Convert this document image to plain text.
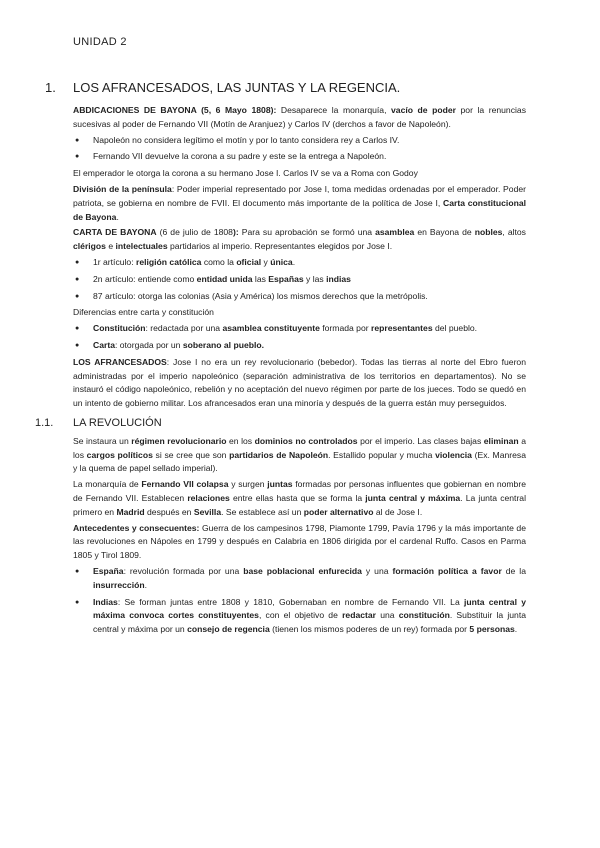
UNIDAD 2
1. LOS AFRANCESADOS, LAS JUNTAS Y LA REGENCIA.

ABDICACIONES DE BAYONA (5, 6 Mayo 1808): Desaparece la monarquía, vacío de poder por la renuncias sucesivas al poder de Fernando VII (Motín de Aranjuez) y Carlos IV (derchos a favor de Napoleón).

● Napoleón no considera legítimo el motín y por lo tanto considera rey a Carlos IV.
● Fernando VII devuelve la corona a su padre y este se la entrega a Napoleón.

El emperador le otorga la corona a su hermano Jose I. Carlos IV se va a Roma con Godoy

División de la península: Poder imperial representado por Jose I, toma medidas ordenadas por el emperador. Poder patriota, se gobierna en nombre de FVII. El documento más importante de la política de Jose I, Carta constitucional de Bayona.

CARTA DE BAYONA (6 de julio de 1808): Para su aprobación se formó una asamblea en Bayona de nobles, altos clérigos e intelectuales partidarios al imperio. Representantes elegidos por Jose I.

● 1r artículo: religión católica como la oficial y única.
● 2n artículo: entiende como entidad unida las Españas y las indias
● 87 artículo: otorga las colonias (Asia y América) los mismos derechos que la metrópolis.

Diferencias entre carta y constitución

● Constitución: redactada por una asamblea constituyente formada por representantes del pueblo.
● Carta: otorgada por un soberano al pueblo.

LOS AFRANCESADOS: Jose I no era un rey revolucionario (bebedor). Todas las tierras al norte del Ebro fueron administradas por el imperio napoleónico (separación administrativa de los territorios en departamentos). No se instauró el código napoleónico, rebelión y no aceptación del nuevo régimen por parte de los jueces. Todo se quedó en un intento de gobierno militar. Los afrancesados eran una minoría y después de la guerra están muy perseguidos.

1.1. LA REVOLUCIÓN

Se instaura un régimen revolucionario en los dominios no controlados por el imperio. Las clases bajas eliminan a los cargos políticos si se cree que son partidarios de Napoleón. Estallido popular y mucha violencia (Ex. Manresa y la quema de papel sellado imperial).

La monarquía de Fernando VII colapsa y surgen juntas formadas por personas influentes que gobiernan en nombre de Fernando VII. Establecen relaciones entre ellas hasta que se forma la junta central y máxima. La junta central primero en Madrid después en Sevilla. Se establece así un poder alternativo al de Jose I.

Antecedentes y consecuentes: Guerra de los campesinos 1798, Piamonte 1799, Pavía 1796 y la más importante de las revoluciones en Nápoles en 1799 y después en Calabria en 1806 dirigida por el cardenal Ruffo. Casos en Parma 1805 y Tirol 1809.

● España: revolución formada por una base poblacional enfurecida y una formación política a favor de la insurrección.
● Indias: Se forman juntas entre 1808 y 1810, Gobernaban en nombre de Fernando VII. La junta central y máxima convoca cortes constituyentes, con el objetivo de redactar una constitución. Substituir la junta central y máxima por un consejo de regencia (tienen los mismos poderes de un rey) formada por 5 personas.
